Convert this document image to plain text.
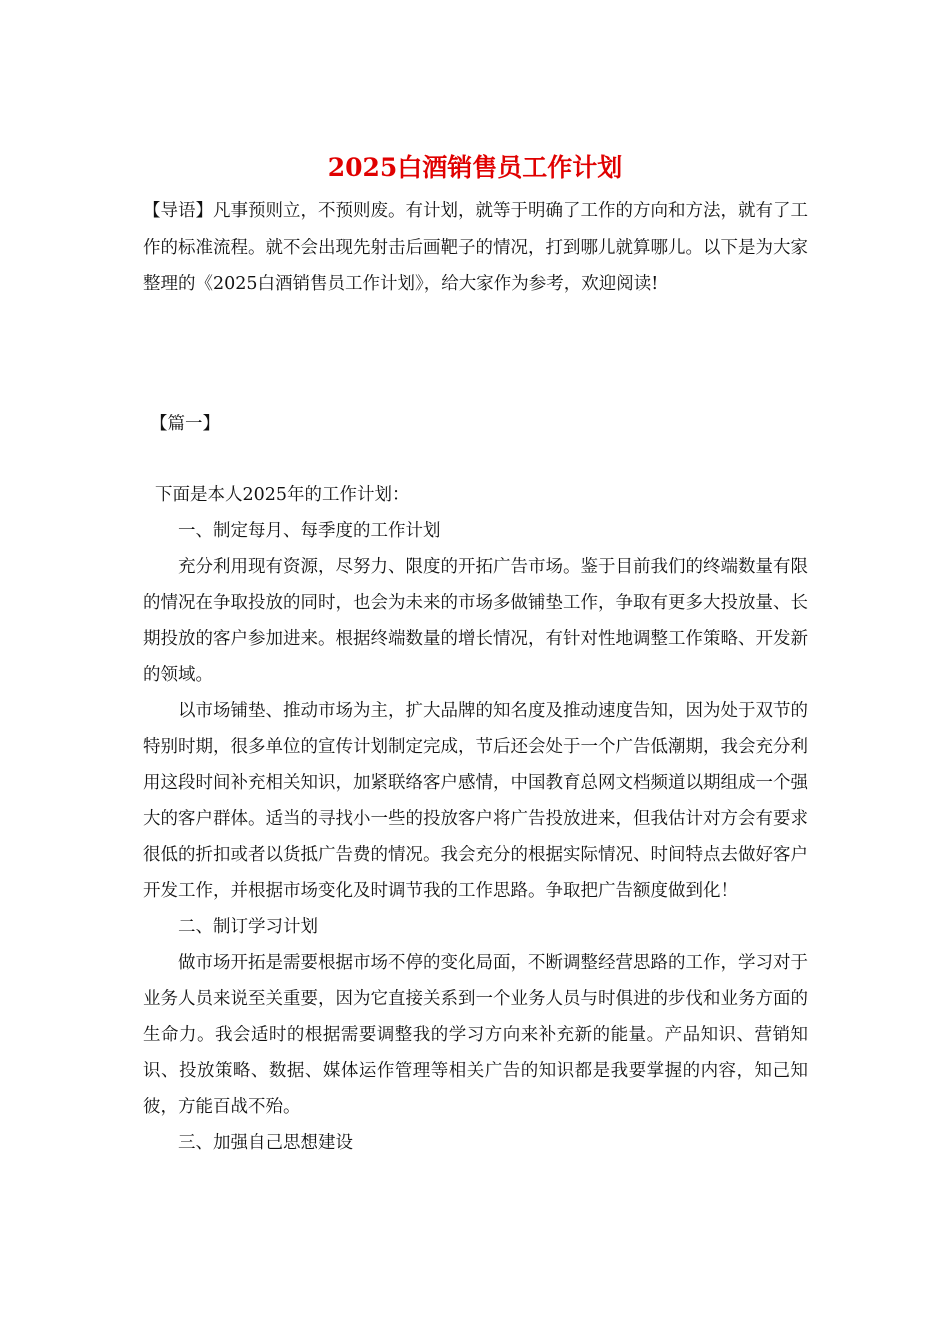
2025白酒销售员工作计划

【导语】凡事预则立，不预则废。有计划，就等于明确了工作的方向和方法，就有了工作的标准流程。就不会出现先射击后画靶子的情况，打到哪儿就算哪儿。以下是为大家整理的《2025白酒销售员工作计划》，给大家作为参考，欢迎阅读!

【篇一】

下面是本人2025年的工作计划：

一、制定每月、每季度的工作计划

充分利用现有资源，尽努力、限度的开拓广告市场。鉴于目前我们的终端数量有限的情况在争取投放的同时，也会为未来的市场多做铺垫工作，争取有更多大投放量、长期投放的客户参加进来。根据终端数量的增长情况，有针对性地调整工作策略、开发新的领域。

以市场铺垫、推动市场为主，扩大品牌的知名度及推动速度告知，因为处于双节的特别时期，很多单位的宣传计划制定完成，节后还会处于一个广告低潮期，我会充分利用这段时间补充相关知识，加紧联络客户感情，中国教育总网文档频道以期组成一个强大的客户群体。适当的寻找小一些的投放客户将广告投放进来，但我估计对方会有要求很低的折扣或者以货抵广告费的情况。我会充分的根据实际情况、时间特点去做好客户开发工作，并根据市场变化及时调节我的工作思路。争取把广告额度做到化！

二、制订学习计划

做市场开拓是需要根据市场不停的变化局面，不断调整经营思路的工作，学习对于业务人员来说至关重要，因为它直接关系到一个业务人员与时俱进的步伐和业务方面的生命力。我会适时的根据需要调整我的学习方向来补充新的能量。产品知识、营销知识、投放策略、数据、媒体运作管理等相关广告的知识都是我要掌握的内容，知己知彼，方能百战不殆。

三、加强自己思想建设
